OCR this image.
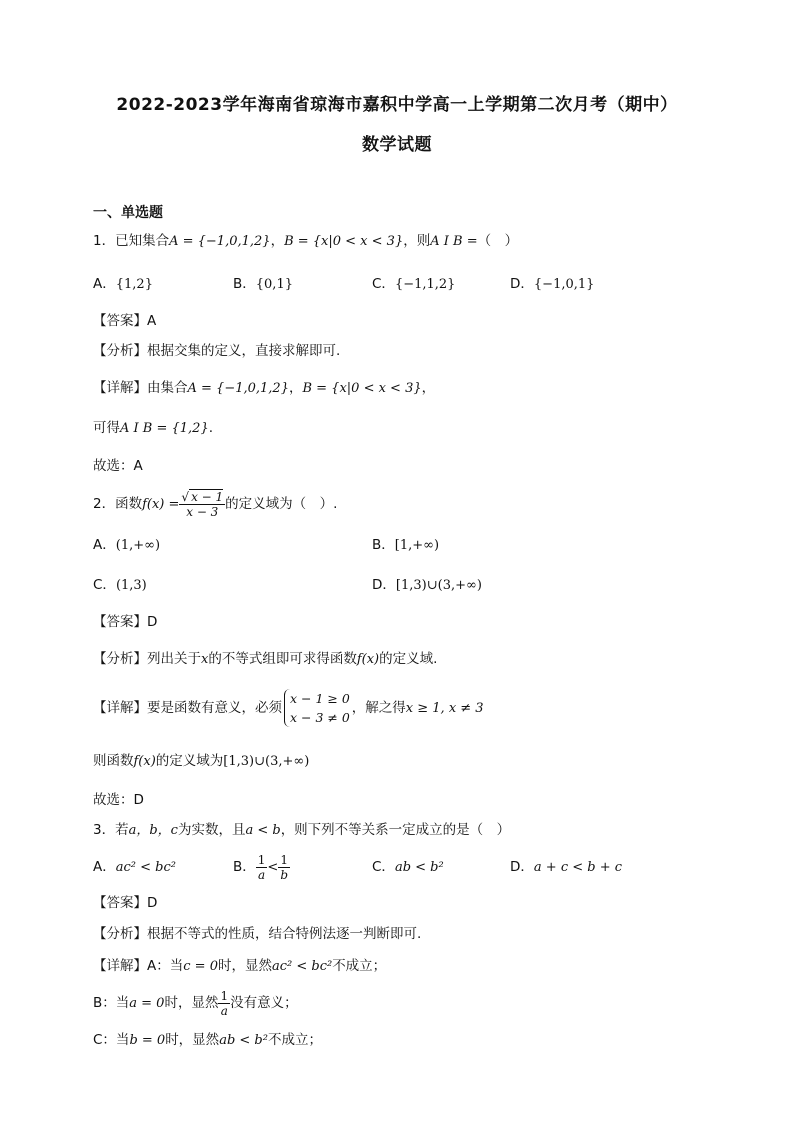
2022-2023学年海南省琼海市嘉积中学高一上学期第二次月考（期中）
数学试题
一、单选题
1．已知集合A = {−1,0,1,2}，B = {x|0 < x < 3}，则A I B =（　）
A．{1,2}	B．{0,1}	C．{−1,1,2}	D．{−1,0,1}
【答案】A
【分析】根据交集的定义，直接求解即可.
【详解】由集合A = {−1,0,1,2}，B = {x|0 < x < 3}，
可得A I B = {1,2}.
故选：A
2．函数$f(x) = \frac{√ x - 1}{x - 3}$ 的定义域为（　）.
A．(1,+∞)	B．[1,+∞)
C．(1,3)	D．[1,3)∪(3,+∞)
【答案】D
【分析】列出关于x的不等式组即可求得函数f(x)的定义域.
【详解】要是函数有意义，必须
x − 1 ≥ 0
x − 3 ≠ 0
，解之得x ≥ 1, x ≠ 3
则函数f(x)的定义域为[1,3)∪(3,+∞)
故选：D
3．若a，b，c为实数，且a < b，则下列不等关系一定成立的是（　）
A．ac² < bc²	B． $\frac{1}{a} < \frac{1}{b}$	C．ab < b²	D．a + c < b + c
【答案】D
【分析】根据不等式的性质，结合特例法逐一判断即可.
【详解】A：当c = 0时，显然ac² < bc²不成立；
B：当a = 0时，显然 $\frac{1}{a}$ 没有意义；
C：当b = 0时，显然ab < b²不成立；
